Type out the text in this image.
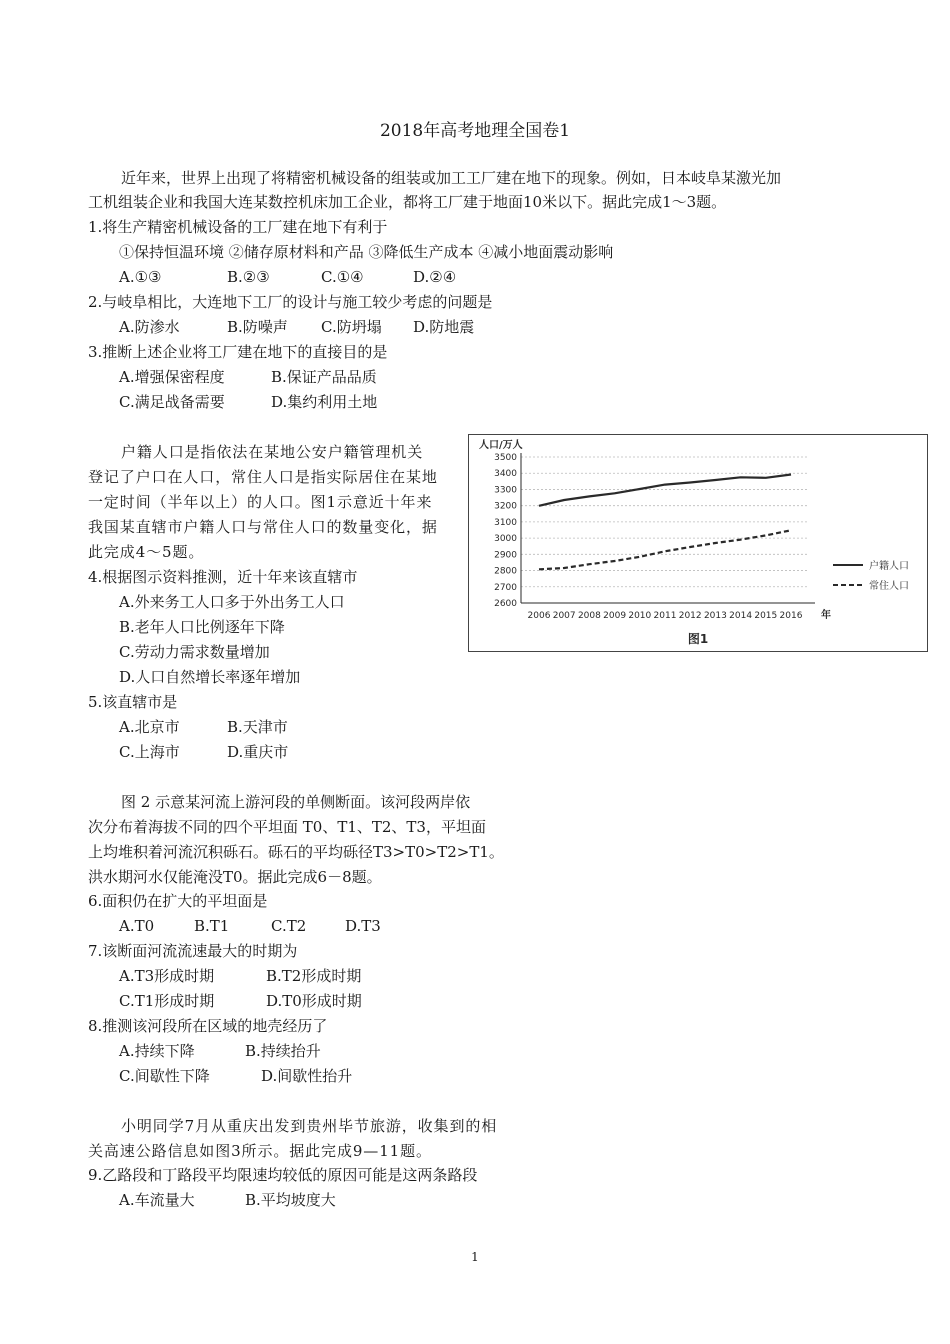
2018年高考地理全国卷1
近年来，世界上出现了将精密机械设备的组装或加工工厂建在地下的现象。例如，日本岐阜某激光加
工机组装企业和我国大连某数控机床加工企业，都将工厂建于地面10米以下。据此完成1～3题。
1.将生产精密机械设备的工厂建在地下有利于
①保持恒温环境 ②储存原材料和产品 ③降低生产成本 ④减小地面震动影响
A.①③	B.②③	C.①④	D.②④
2.与岐阜相比，大连地下工厂的设计与施工较少考虑的问题是
A.防渗水	B.防噪声 C.防坍塌 D.防地震
3.推断上述企业将工厂建在地下的直接目的是
A.增强保密程度	B.保证产品品质
C.满足战备需要	D.集约利用土地
户籍人口是指依法在某地公安户籍管理机关
登记了户口在人口，常住人口是指实际居住在某地
一定时间（半年以上）的人口。图1示意近十年来
我国某直辖市户籍人口与常住人口的数量变化，据
此完成4～5题。
4.根据图示资料推测，近十年来该直辖市
A.外来务工人口多于外出务工人口
B.老年人口比例逐年下降
C.劳动力需求数量增加
D.人口自然增长率逐年增加
5.该直辖市是
A.北京市	B.天津市
C.上海市	D.重庆市
人口/万人
2600
2700
2800
2900
3000
3100
3200
3300
3400
3500
2006 2007 2008 2009 2010 2011 2012 2013 2014 2015 2016 年
户籍人口
常住人口
图1
图 2 示意某河流上游河段的单侧断面。该河段两岸依
次分布着海拔不同的四个平坦面 T0、T1、T2、T3，平坦面
上均堆积着河流沉积砾石。砾石的平均砾径T3>T0>T2>T1。
洪水期河水仅能淹没T0。据此完成6－8题。
6.面积仍在扩大的平坦面是
A.T0	B.T1	C.T2	D.T3
7.该断面河流流速最大的时期为
A.T3形成时期	B.T2形成时期
C.T1形成时期	D.T0形成时期
8.推测该河段所在区域的地壳经历了
A.持续下降	B.持续抬升
C.间歇性下降	D.间歇性抬升
小明同学7月从重庆出发到贵州毕节旅游，收集到的相
关高速公路信息如图3所示。据此完成9—11题。
9.乙路段和丁路段平均限速均较低的原因可能是这两条路段
A.车流量大	B.平均坡度大
1
